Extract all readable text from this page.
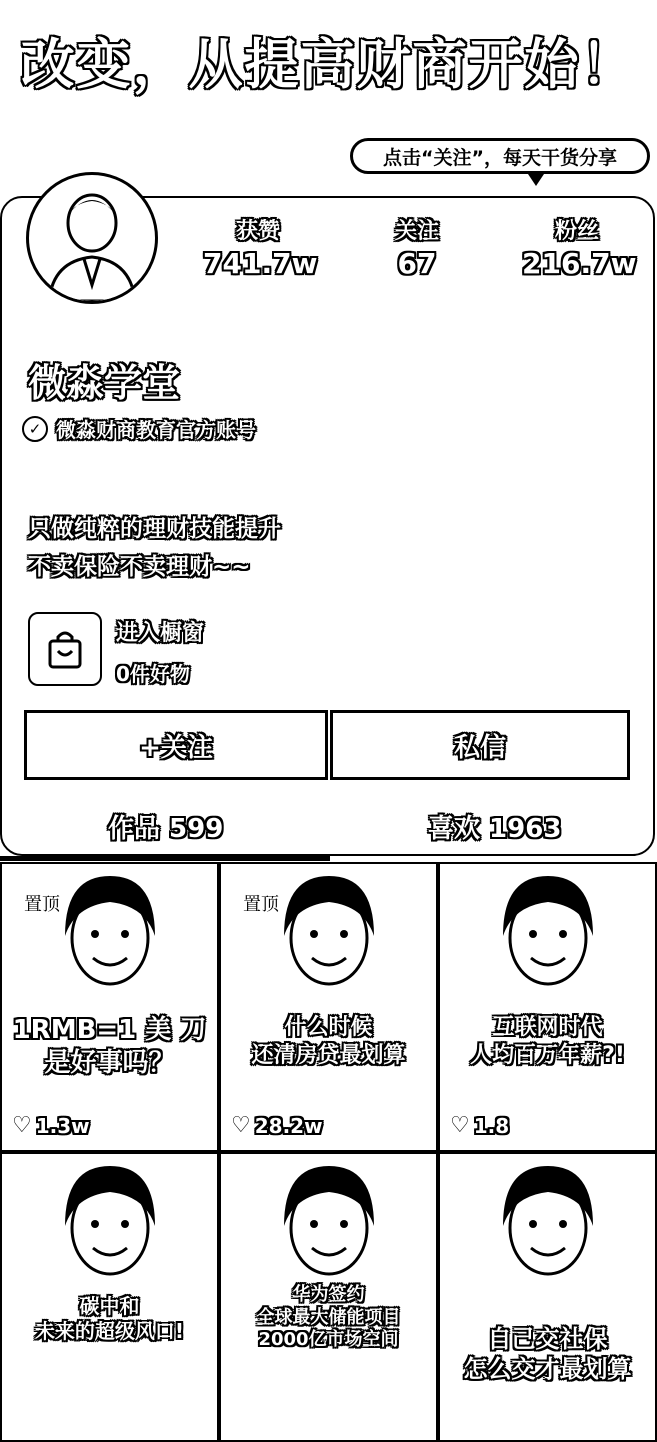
改变，从提高财商开始！
点击“关注”，每天干货分享
获赞
741.7w
关注
67
粉丝
216.7w
微淼学堂
✓ 微淼财商教育官方账号
只做纯粹的理财技能提升
不卖保险不卖理财~~
进入橱窗
0件好物
+关注	私信
作品 599	喜欢 1963
置顶
1RMB=1 美 刀
是好事吗？
♡ 1.3w
置顶
什么时候
还清房贷最划算
♡ 28.2w
互联网时代
人均百万年薪?!
♡ 1.8
碳中和
未来的超级风口!
华为签约
全球最大储能项目
2000亿市场空间	自己交社保
怎么交才最划算
